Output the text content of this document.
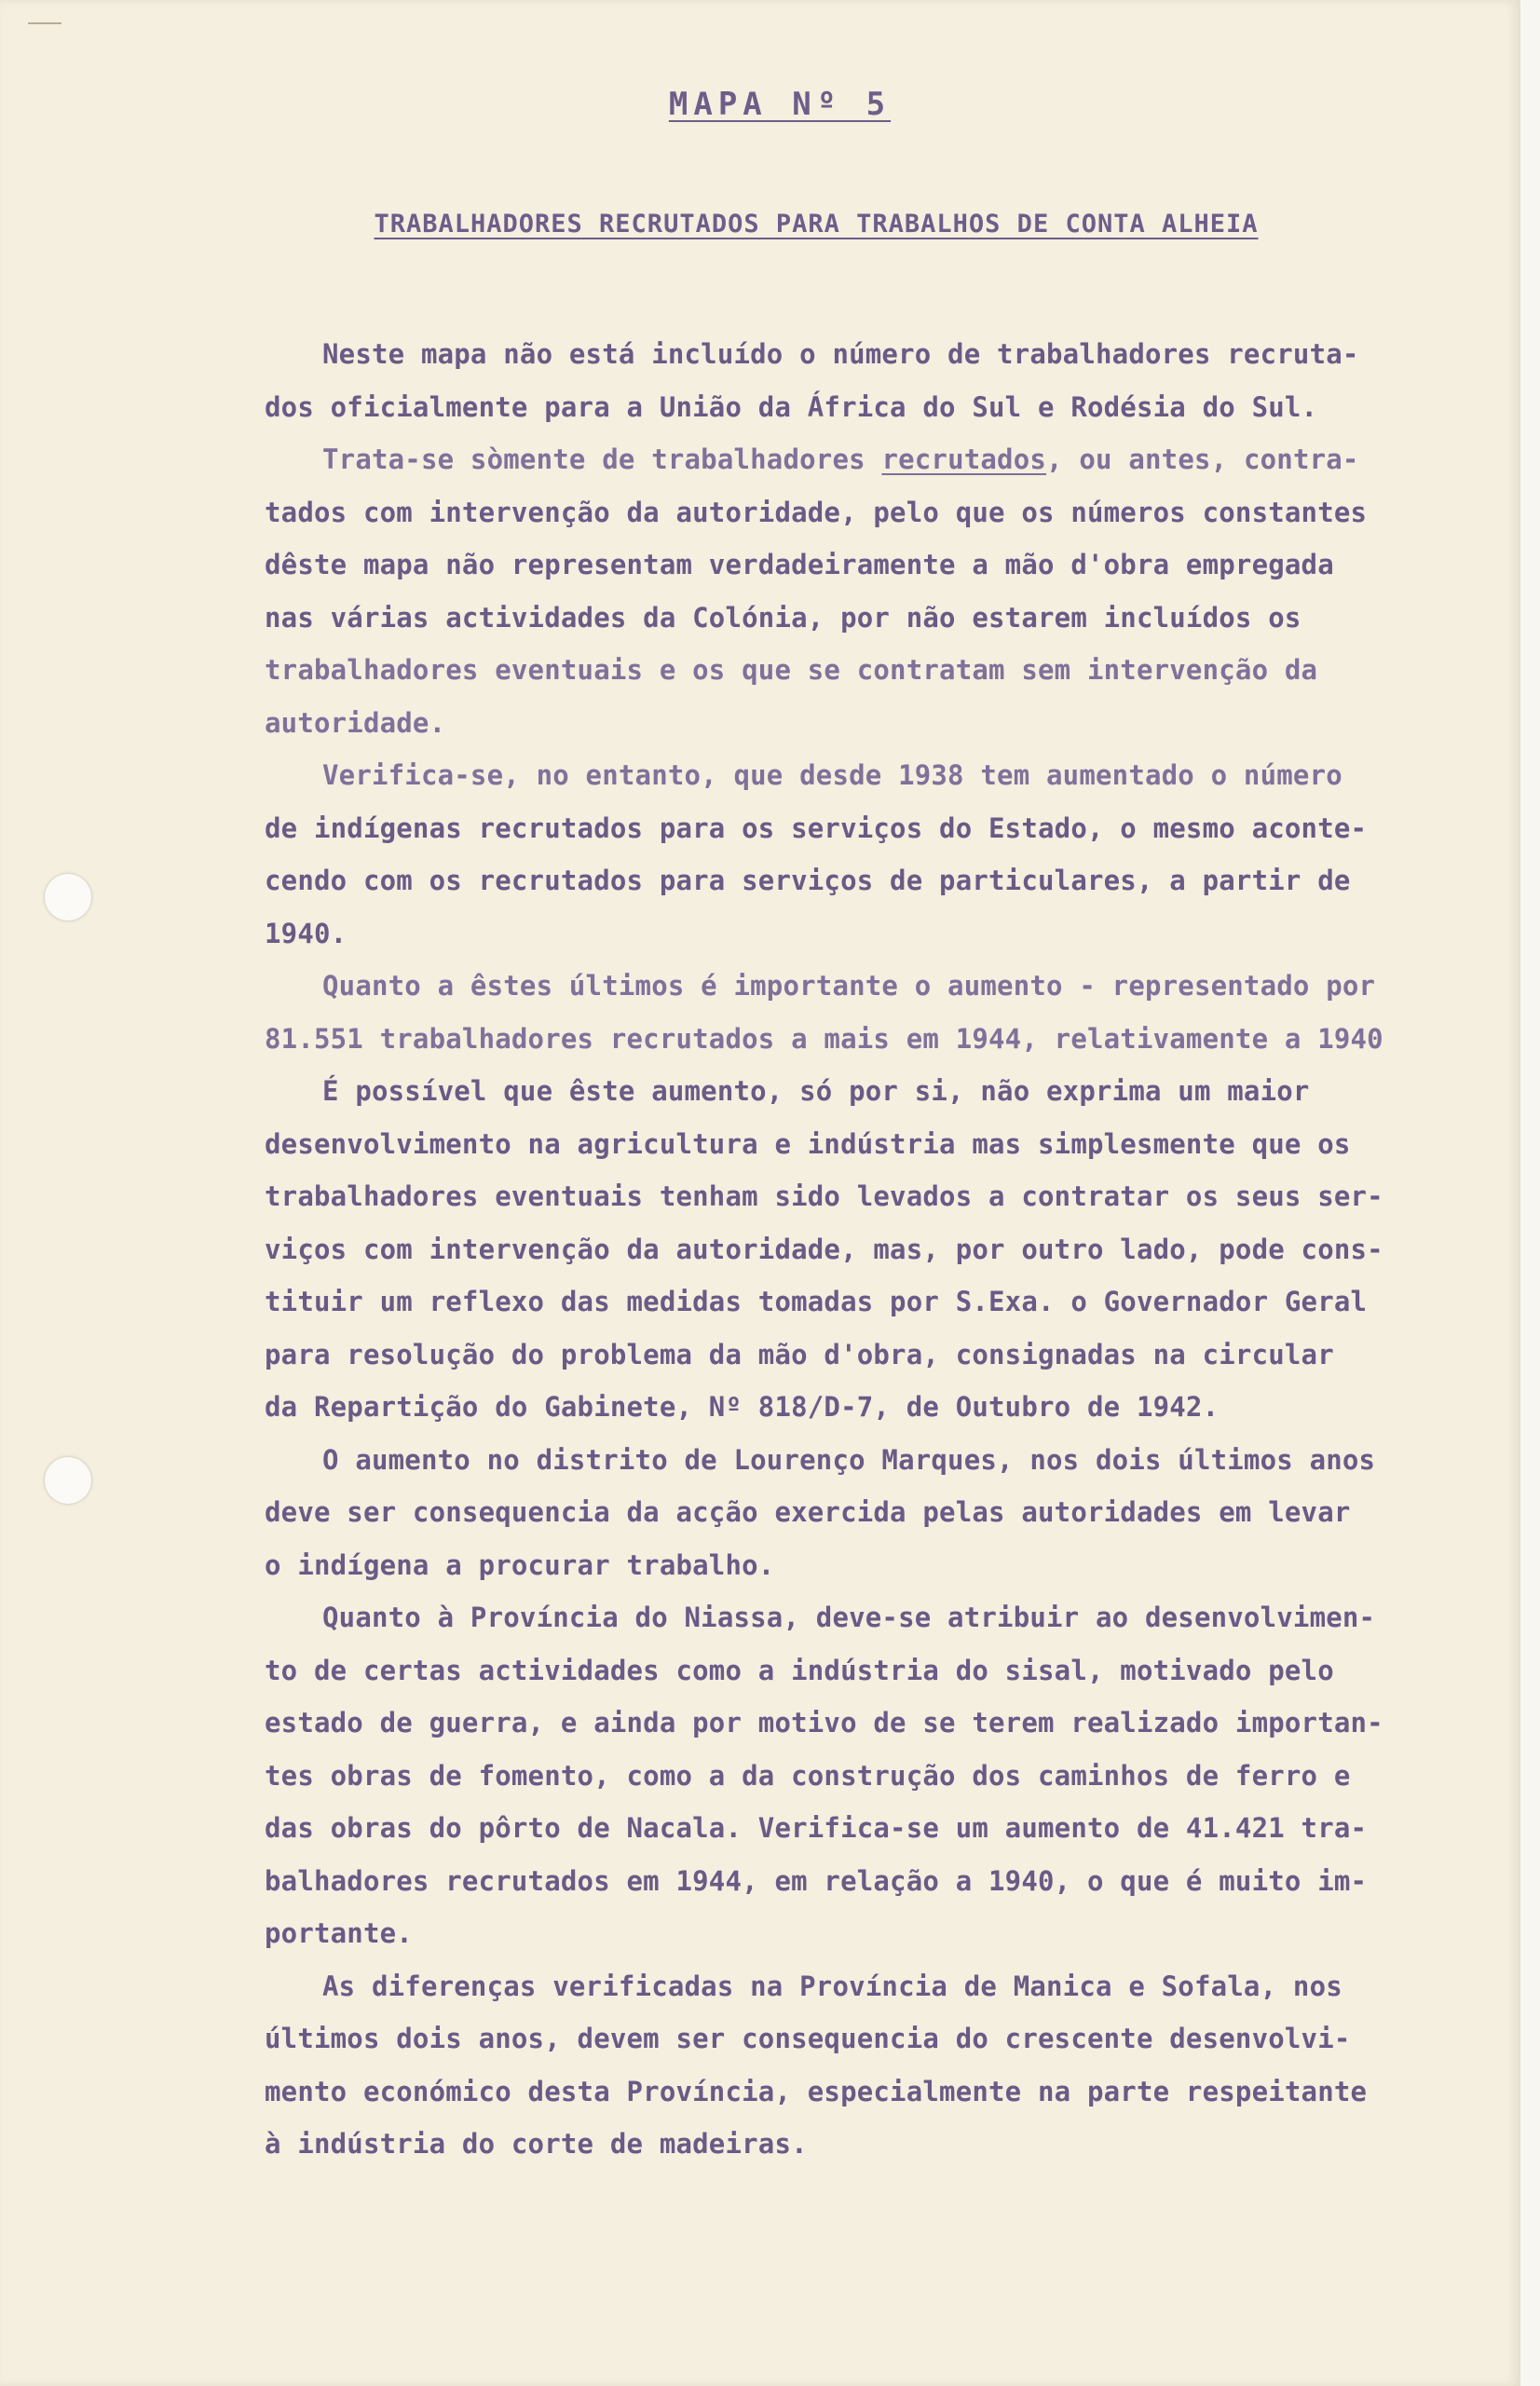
MAPA Nº 5
TRABALHADORES RECRUTADOS PARA TRABALHOS DE CONTA ALHEIA
Neste mapa não está incluído o número de trabalhadores recruta-
dos oficialmente para a União da África do Sul e Rodésia do Sul.
Trata-se sòmente de trabalhadores recrutados, ou antes, contra-
tados com intervenção da autoridade, pelo que os números constantes
dêste mapa não representam verdadeiramente a mão d'obra empregada
nas várias actividades da Colónia, por não estarem incluídos os
trabalhadores eventuais e os que se contratam sem intervenção da
autoridade.
Verifica-se, no entanto, que desde 1938 tem aumentado o número
de indígenas recrutados para os serviços do Estado, o mesmo aconte-
cendo com os recrutados para serviços de particulares, a partir de
1940.
Quanto a êstes últimos é importante o aumento - representado por
81.551 trabalhadores recrutados a mais em 1944, relativamente a 1940
É possível que êste aumento, só por si, não exprima um maior
desenvolvimento na agricultura e indústria mas simplesmente que os
trabalhadores eventuais tenham sido levados a contratar os seus ser-
viços com intervenção da autoridade, mas, por outro lado, pode cons-
tituir um reflexo das medidas tomadas por S.Exa. o Governador Geral
para resolução do problema da mão d'obra, consignadas na circular
da Repartição do Gabinete, Nº 818/D-7, de Outubro de 1942.
O aumento no distrito de Lourenço Marques, nos dois últimos anos
deve ser consequencia da acção exercida pelas autoridades em levar
o indígena a procurar trabalho.
Quanto à Província do Niassa, deve-se atribuir ao desenvolvimen-
to de certas actividades como a indústria do sisal, motivado pelo
estado de guerra, e ainda por motivo de se terem realizado importan-
tes obras de fomento, como a da construção dos caminhos de ferro e
das obras do pôrto de Nacala. Verifica-se um aumento de 41.421 tra-
balhadores recrutados em 1944, em relação a 1940, o que é muito im-
portante.
As diferenças verificadas na Província de Manica e Sofala, nos
últimos dois anos, devem ser consequencia do crescente desenvolvi-
mento económico desta Província, especialmente na parte respeitante
à indústria do corte de madeiras.
